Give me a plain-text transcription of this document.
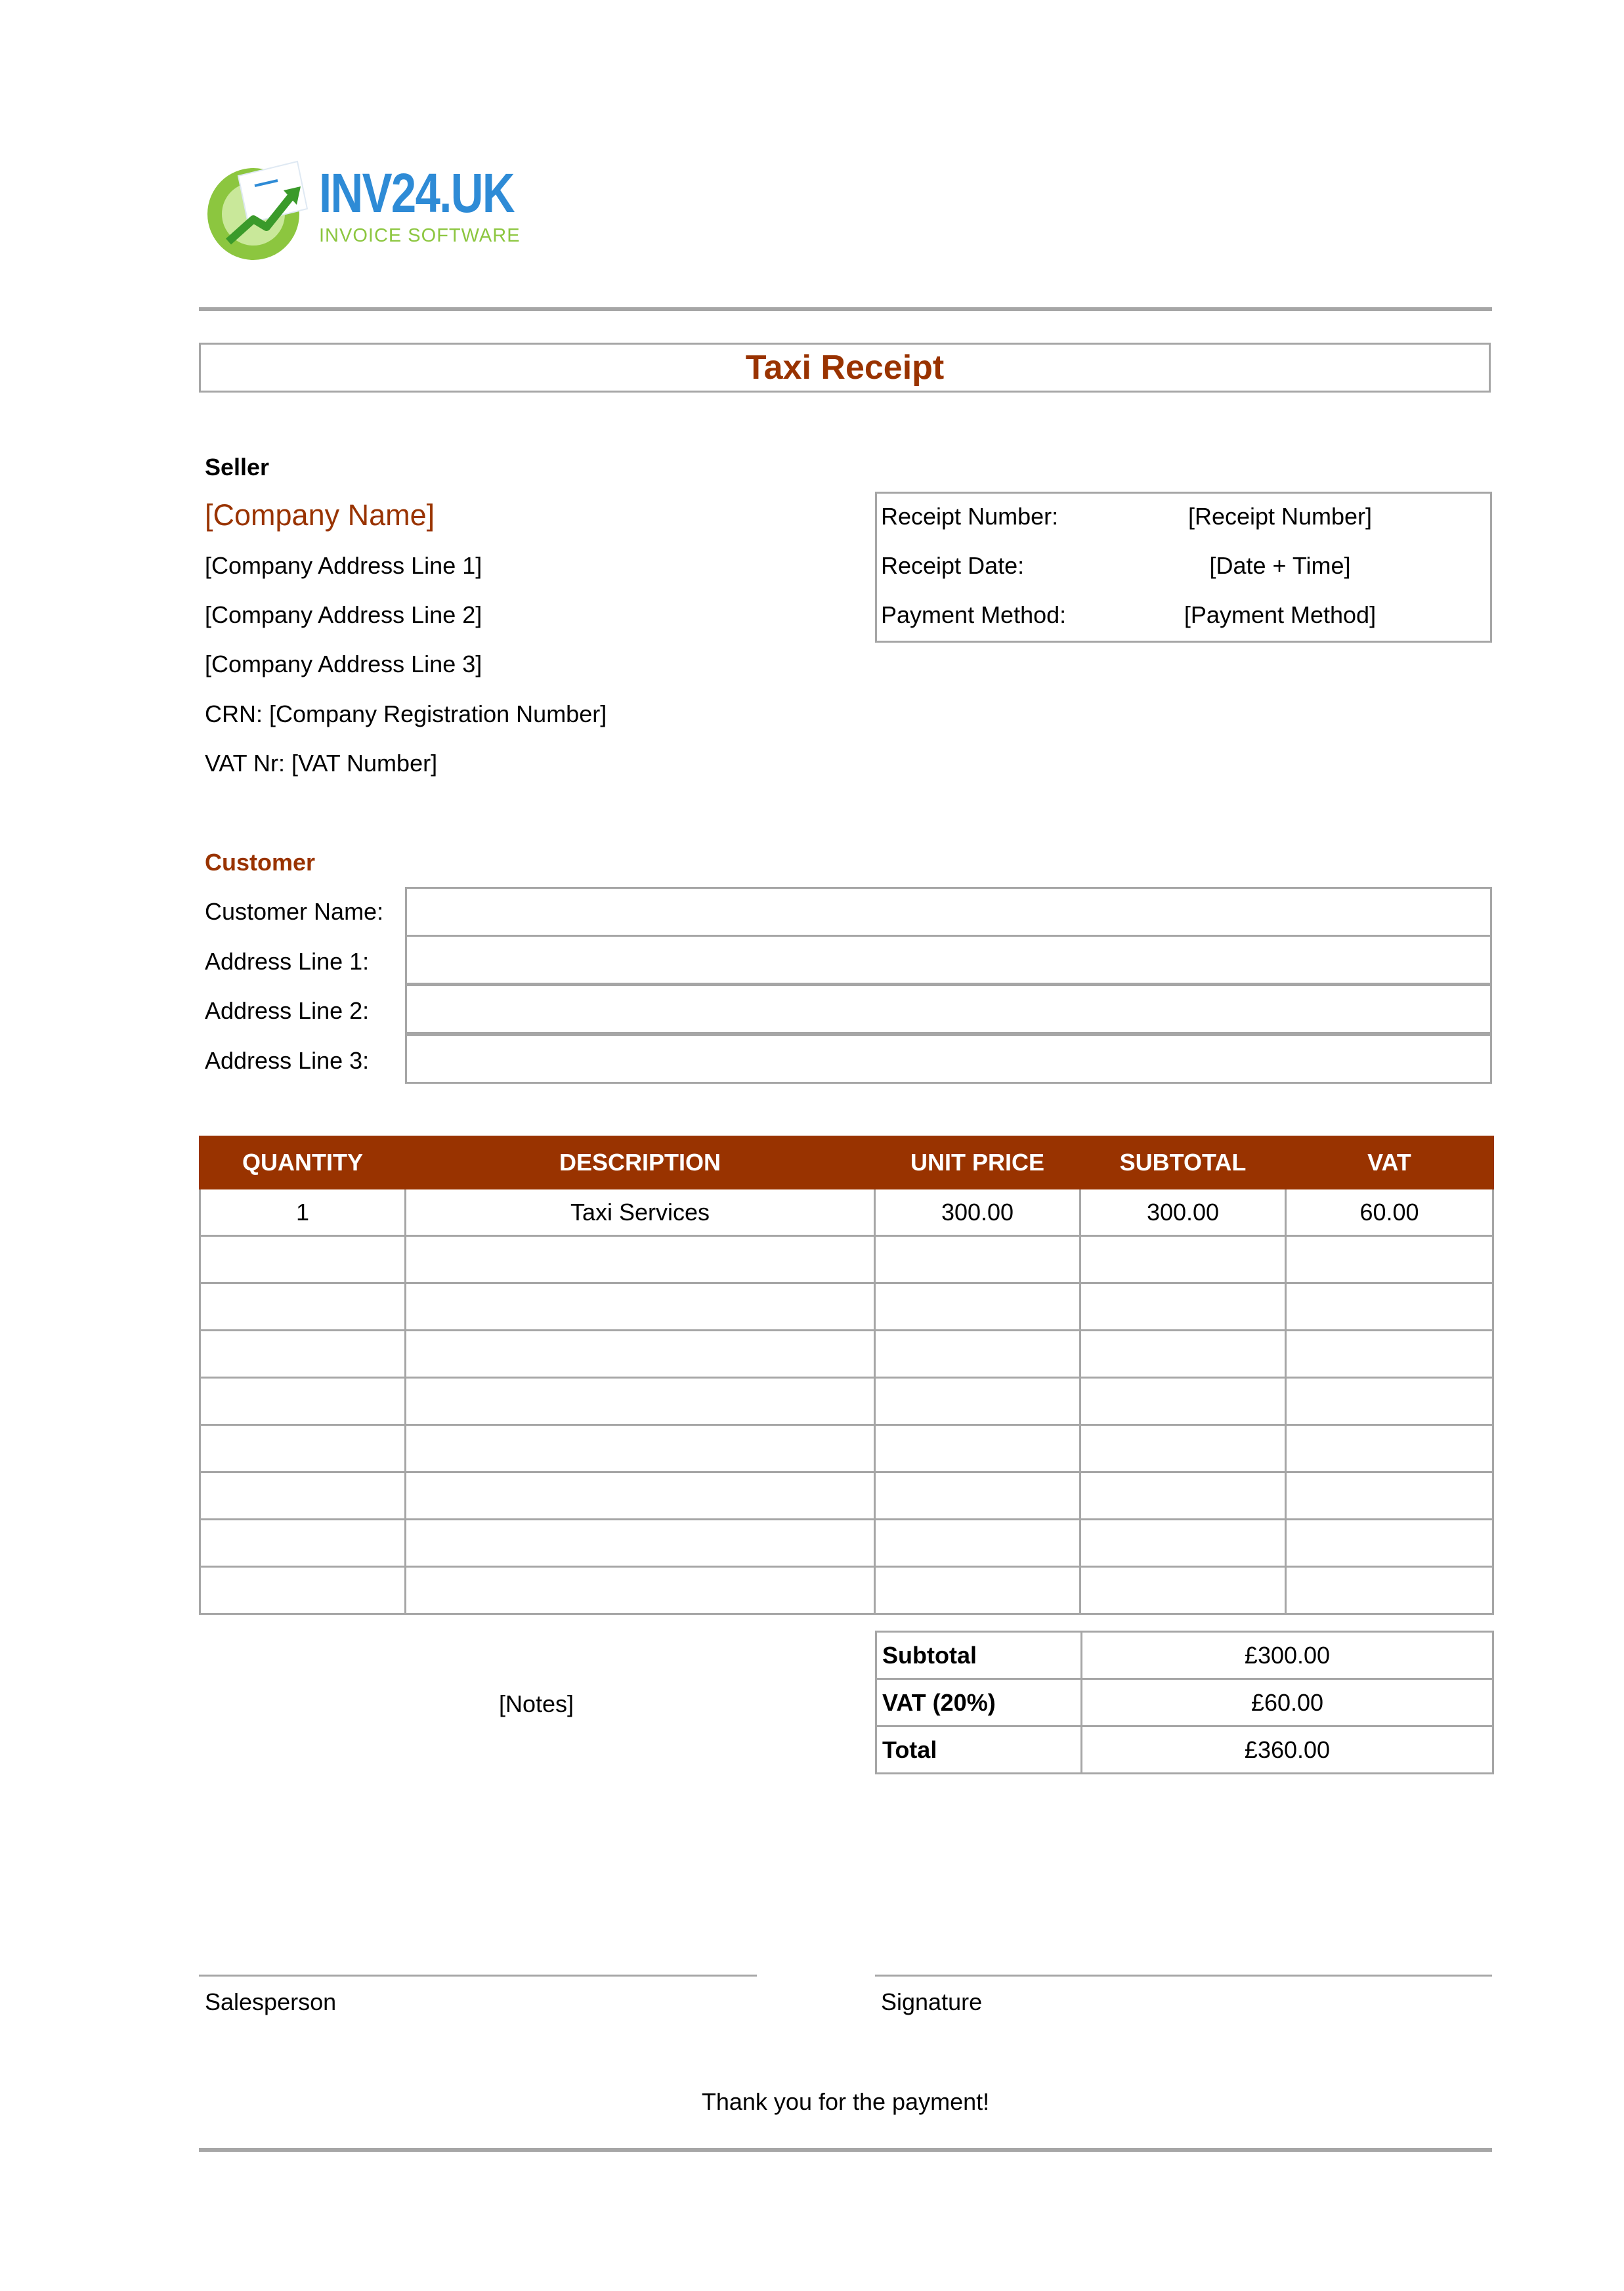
INV24.UK
INVOICE SOFTWARE
Taxi Receipt
Seller
[Company Name]
[Company Address Line 1]
[Company Address Line 2]
[Company Address Line 3]
CRN: [Company Registration Number]
VAT Nr: [VAT Number]
Receipt Number:	[Receipt Number]
Receipt Date:	[Date + Time]
Payment Method:	[Payment Method]
Customer
Customer Name:
Address Line 1:
Address Line 2:
Address Line 3:
QUANTITY	DESCRIPTION	UNIT PRICE	SUBTOTAL	VAT
1	Taxi Services	300.00	300.00	60.00

[Notes]
Subtotal	£300.00
VAT (20%)	£60.00
Total	£360.00
Salesperson	Signature
Thank you for the payment!
